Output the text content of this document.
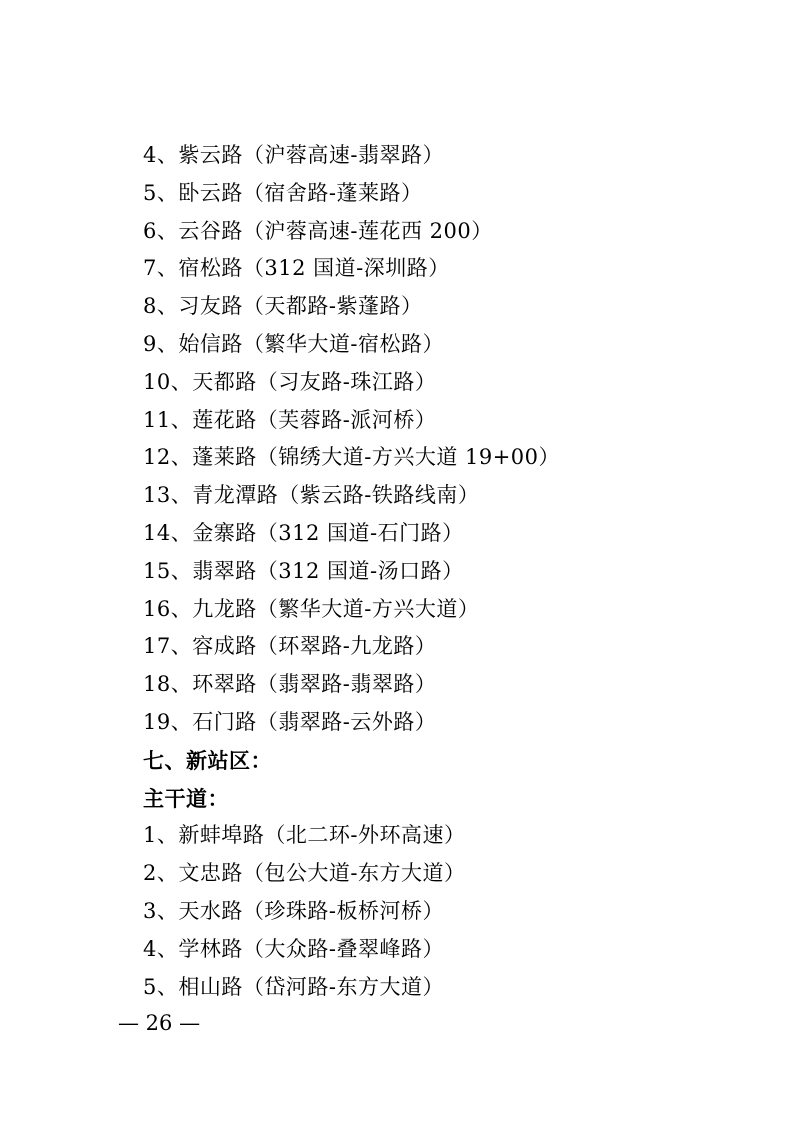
4、紫云路（沪蓉高速-翡翠路）
5、卧云路（宿舍路-蓬莱路）
6、云谷路（沪蓉高速-莲花西 200）
7、宿松路（312 国道-深圳路）
8、习友路（天都路-紫蓬路）
9、始信路（繁华大道-宿松路）
10、天都路（习友路-珠江路）
11、莲花路（芙蓉路-派河桥）
12、蓬莱路（锦绣大道-方兴大道 19+00）
13、青龙潭路（紫云路-铁路线南）
14、金寨路（312 国道-石门路）
15、翡翠路（312 国道-汤口路）
16、九龙路（繁华大道-方兴大道）
17、容成路（环翠路-九龙路）
18、环翠路（翡翠路-翡翠路）
19、石门路（翡翠路-云外路）
七、新站区：
主干道：
1、新蚌埠路（北二环-外环高速）
2、文忠路（包公大道-东方大道）
3、天水路（珍珠路-板桥河桥）
4、学林路（大众路-叠翠峰路）
5、相山路（岱河路-东方大道）
— 26 —
